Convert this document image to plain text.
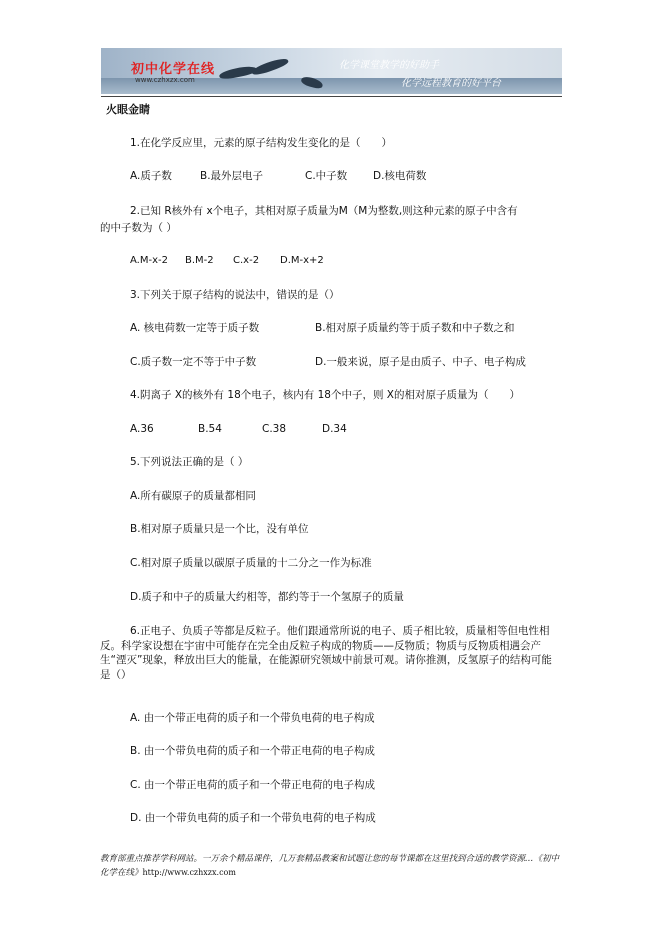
初中化学在线
www.czhxzx.com
化学课堂教学的好助手
化学远程教育的好平台
火眼金睛
1.在化学反应里，元素的原子结构发生变化的是（　　）
A.质子数	B.最外层电子	C.中子数 D.核电荷数
2.已知 R核外有 x个电子，其相对原子质量为M（M为整数,则这种元素的原子中含有
的中子数为（ ）
A.M-x-2 B.M-2 C.x-2 D.M-x+2
3.下列关于原子结构的说法中，错误的是（）
A. 核电荷数一定等于质子数	B.相对原子质量约等于质子数和中子数之和
C.质子数一定不等于中子数	D.一般来说，原子是由质子、中子、电子构成
4.阴离子 X的核外有 18个电子，核内有 18个中子，则 X的相对原子质量为（　　）
A.36	B.54	C.38	D.34
5.下列说法正确的是（ ）
A.所有碳原子的质量都相同
B.相对原子质量只是一个比，没有单位
C.相对原子质量以碳原子质量的十二分之一作为标准
D.质子和中子的质量大约相等，都约等于一个氢原子的质量
6.正电子、负质子等都是反粒子。他们跟通常所说的电子、质子相比较，质量相等但电性相反。科学家设想在宇宙中可能存在完全由反粒子构成的物质——反物质；物质与反物质相遇会产生“湮灭”现象，释放出巨大的能量，在能源研究领域中前景可观。请你推测，反氢原子的结构可能是（）
A. 由一个带正电荷的质子和一个带负电荷的电子构成
B. 由一个带负电荷的质子和一个带正电荷的电子构成
C. 由一个带正电荷的质子和一个带正电荷的电子构成
D. 由一个带负电荷的质子和一个带负电荷的电子构成
教育部重点推荐学科网站。一万余个精品课件，几万套精品教案和试题让您的每节课都在这里找到合适的教学资源…《初中化学在线》http://www.czhxzx.com
